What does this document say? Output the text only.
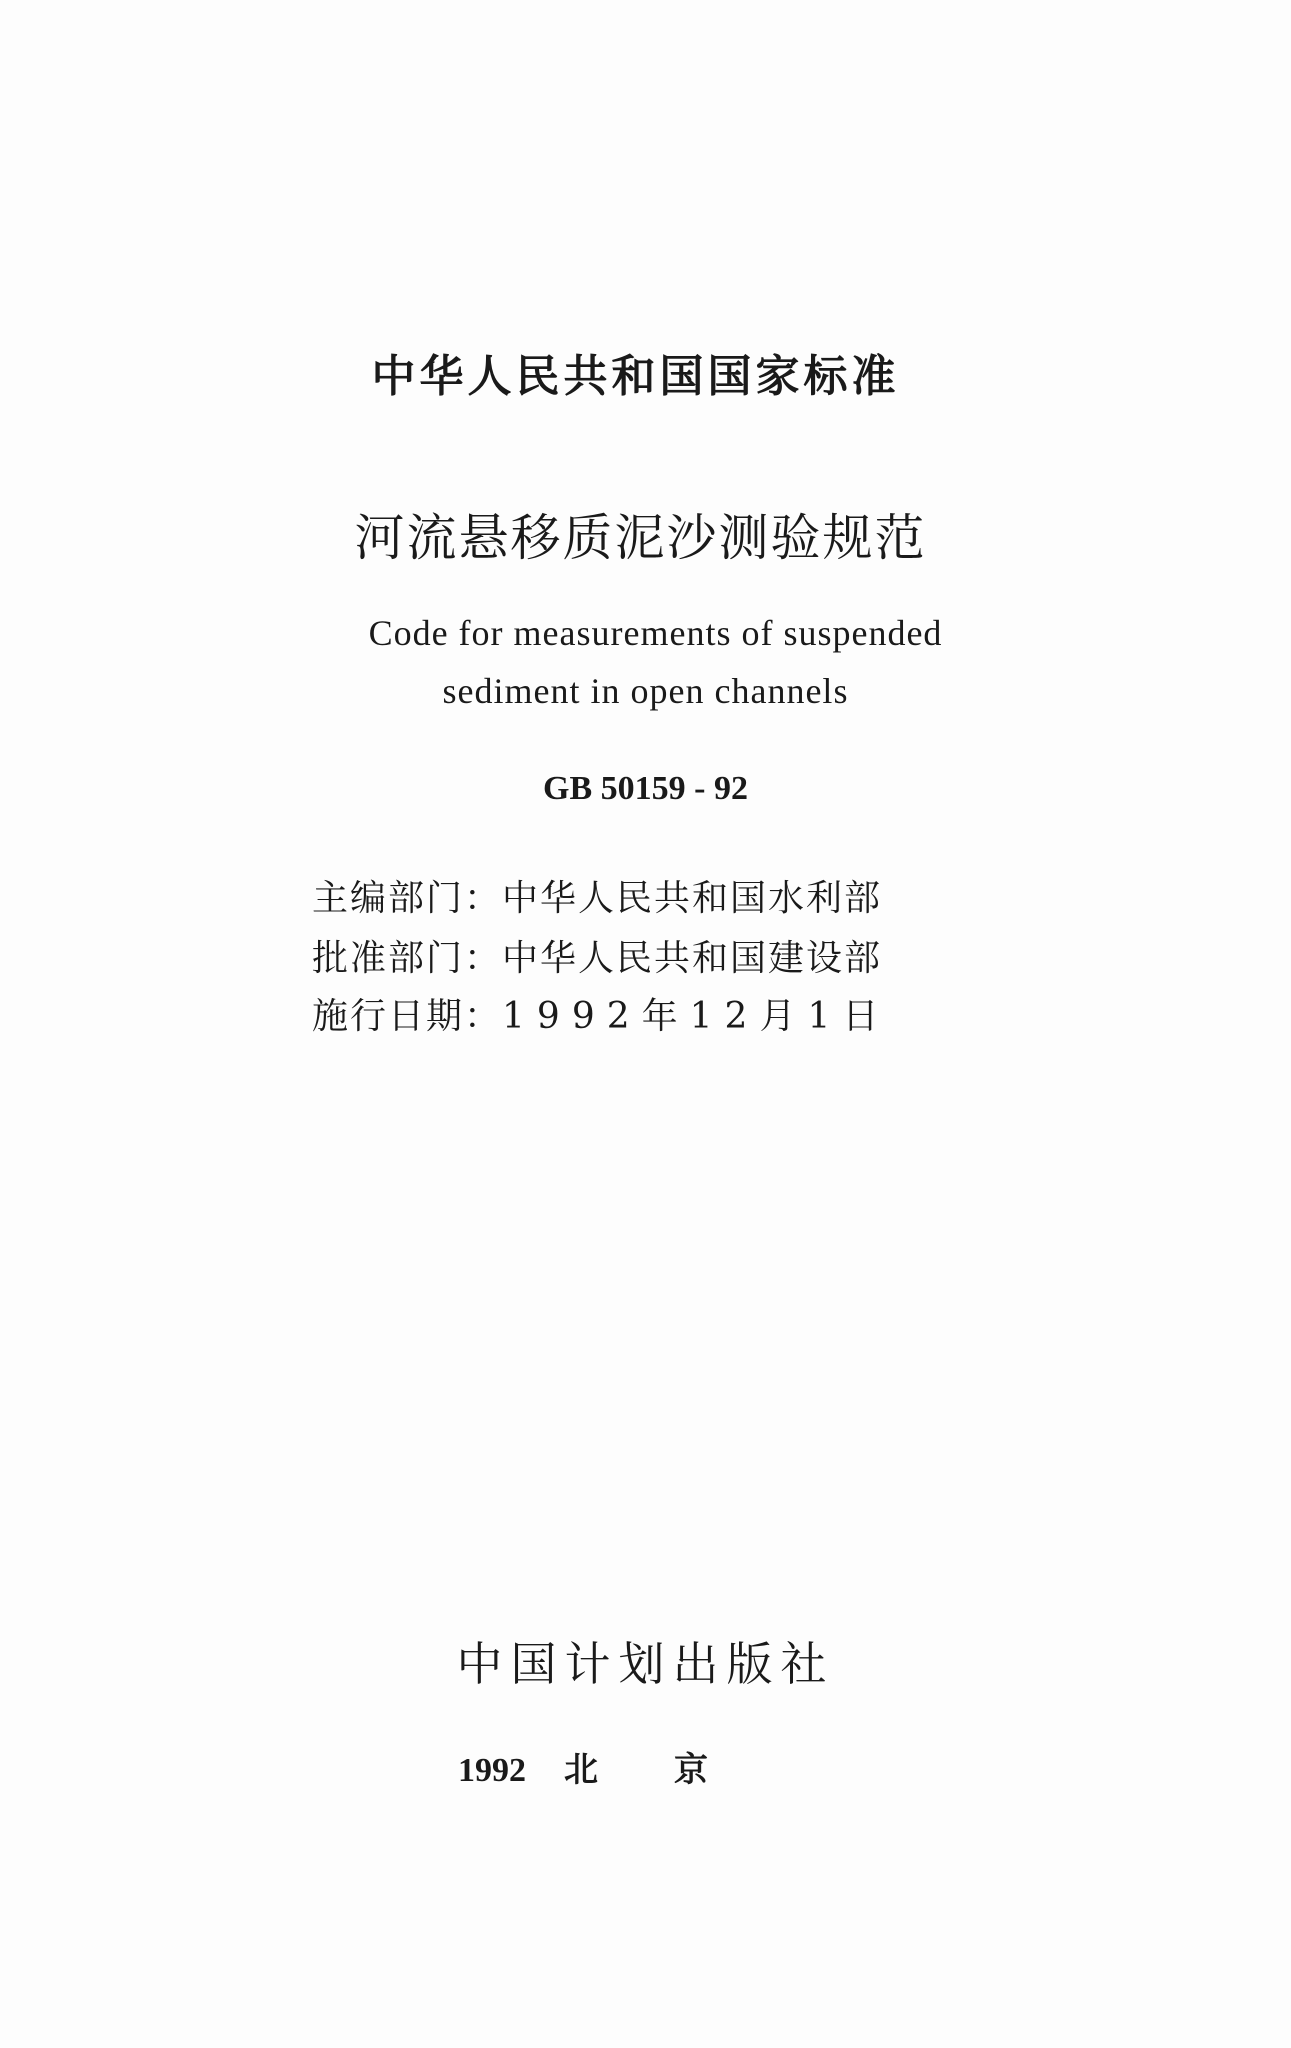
中华人民共和国国家标准
河流悬移质泥沙测验规范
Code for measurements of suspended
sediment in open channels
GB 50159 - 92
主编部门：中华人民共和国水利部
批准部门：中华人民共和国建设部
施行日期：1992年12月1日
中国计划出版社
1992 北 京
